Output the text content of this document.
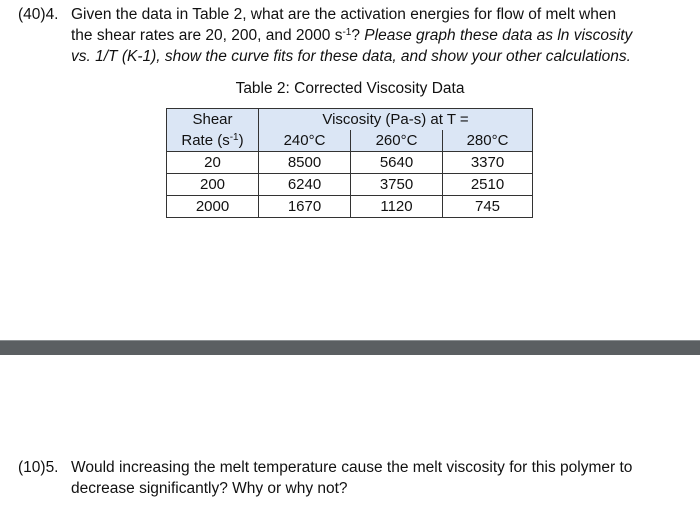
(40)4. Given the data in Table 2, what are the activation energies for flow of melt when
the shear rates are 20, 200, and 2000 $s^{-1}$? Please graph these data as ln viscosity
vs. 1/T (K-1), show the curve fits for these data, and show your other calculations.
Table 2: Corrected Viscosity Data
Shear	Viscosity (Pa-s) at T =		
Rate $(s^{-1})$	240°C	260°C	280°C
20	8500	5640	3370
200	6240	3750	2510
2000	1670	1120	745
(10)5. Would increasing the melt temperature cause the melt viscosity for this polymer to
decrease significantly? Why or why not?
